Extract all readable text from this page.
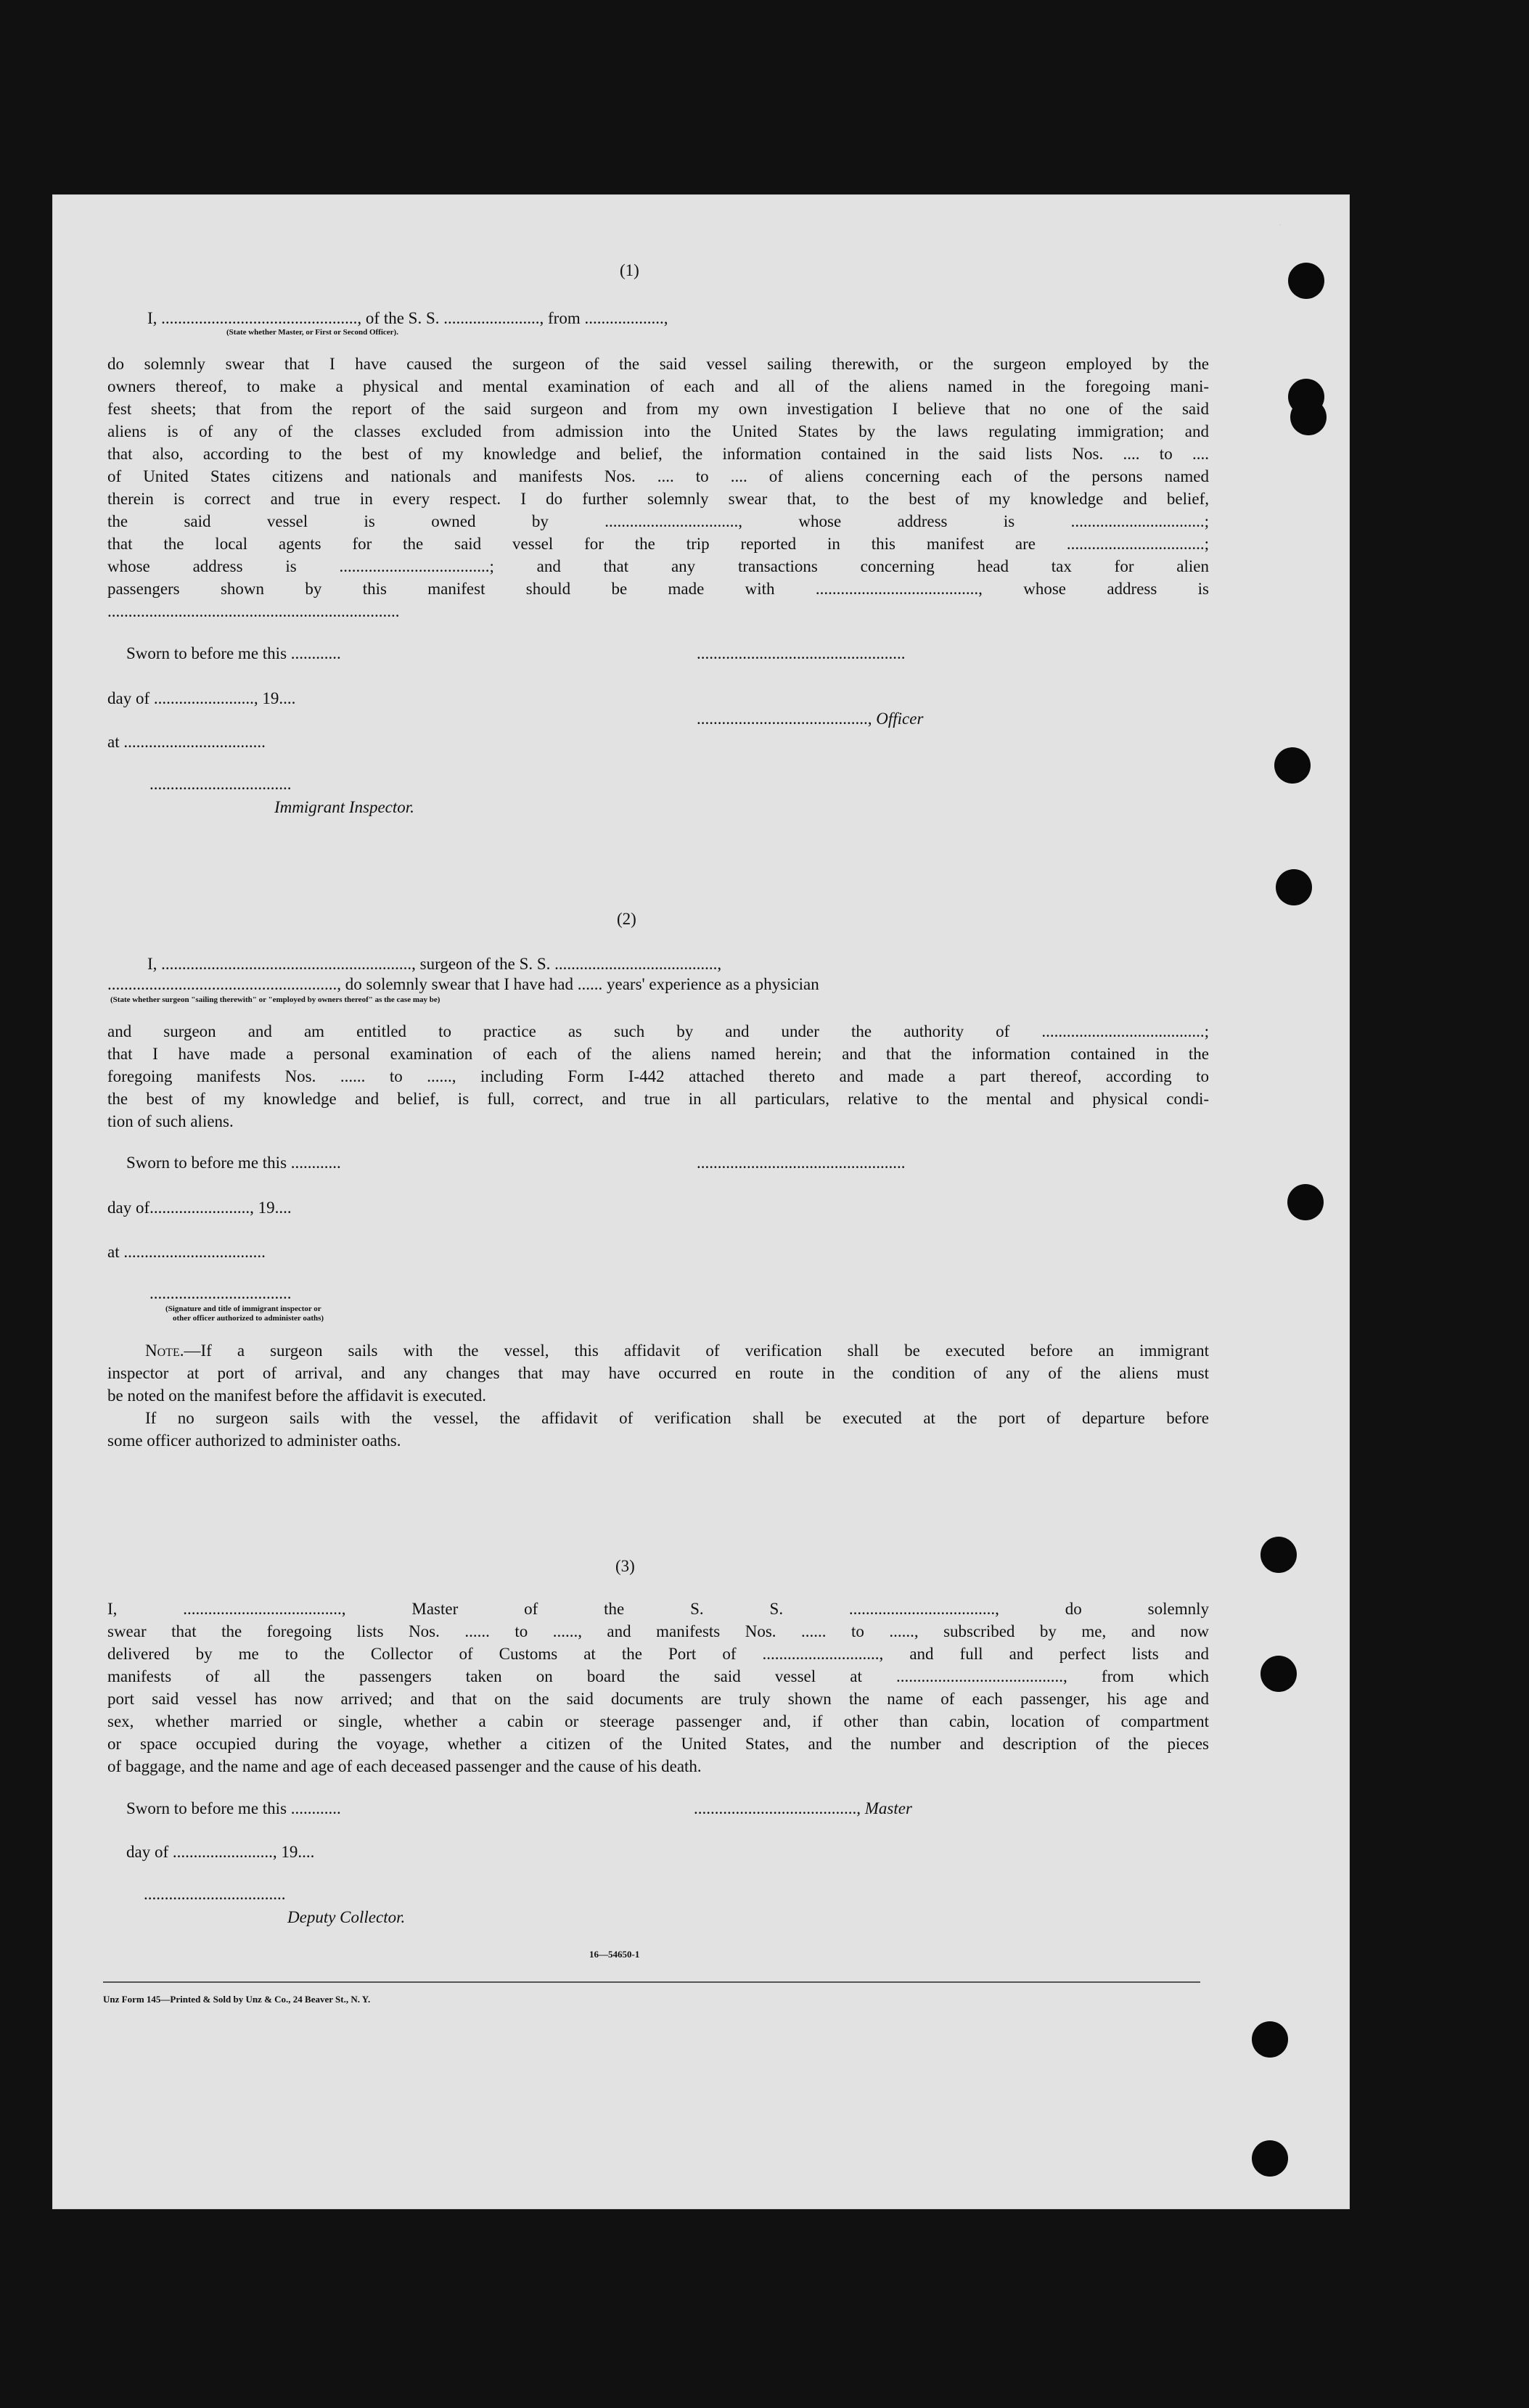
(1)
I, ..............................................., of the S. S. ......................., from ...................,
(State whether Master, or First or Second Officer).

do solemnly swear that I have caused the surgeon of the said vessel sailing therewith, or the surgeon employed by the

owners thereof, to make a physical and mental examination of each and all of the aliens named in the foregoing mani-

fest sheets; that from the report of the said surgeon and from my own investigation I believe that no one of the said

aliens is of any of the classes excluded from admission into the United States by the laws regulating immigration; and

that also, according to the best of my knowledge and belief, the information contained in the said lists Nos. .... to ....

of United States citizens and nationals and manifests Nos. .... to .... of aliens concerning each of the persons named

therein is correct and true in every respect. I do further solemnly swear that, to the best of my knowledge and belief,

the said vessel is owned by ................................, whose address is ................................;

that the local agents for the said vessel for the trip reported in this manifest are .................................;

whose address is ....................................; and that any transactions concerning head tax for alien

passengers shown by this manifest should be made with ......................................., whose address is

......................................................................

Sworn to before me this ............	..................................................
day of ........................, 19....
........................................., Officer
at ..................................
..................................
Immigrant Inspector.
(2)
I, ............................................................, surgeon of the S. S. .......................................,
......................................................., do solemnly swear that I have had ...... years' experience as a physician
(State whether surgeon "sailing therewith" or "employed by owners thereof" as the case may be)

and surgeon and am entitled to practice as such by and under the authority of .......................................;

that I have made a personal examination of each of the aliens named herein; and that the information contained in the

foregoing manifests Nos. ...... to ......, including Form I-442 attached thereto and made a part thereof, according to

the best of my knowledge and belief, is full, correct, and true in all particulars, relative to the mental and physical condi-

tion of such aliens.

Sworn to before me this ............	..................................................
day of........................, 19....
at ..................................
..................................
(Signature and title of immigrant inspector or
other officer authorized to administer oaths)

Note.—If a surgeon sails with the vessel, this affidavit of verification shall be executed before an immigrant

inspector at port of arrival, and any changes that may have occurred en route in the condition of any of the aliens must

be noted on the manifest before the affidavit is executed.

If no surgeon sails with the vessel, the affidavit of verification shall be executed at the port of departure before

some officer authorized to administer oaths.

(3)

I, ......................................, Master of the S. S. ..................................., do solemnly

swear that the foregoing lists Nos. ...... to ......, and manifests Nos. ...... to ......, subscribed by me, and now

delivered by me to the Collector of Customs at the Port of ............................, and full and perfect lists and

manifests of all the passengers taken on board the said vessel at ........................................, from which

port said vessel has now arrived; and that on the said documents are truly shown the name of each passenger, his age and

sex, whether married or single, whether a cabin or steerage passenger and, if other than cabin, location of compartment

or space occupied during the voyage, whether a citizen of the United States, and the number and description of the pieces

of baggage, and the name and age of each deceased passenger and the cause of his death.

Sworn to before me this ............	......................................., Master
day of ........................, 19....
..................................
Deputy Collector.
16—54650-1
Unz Form 145—Printed & Sold by Unz & Co., 24 Beaver St., N. Y.
·
